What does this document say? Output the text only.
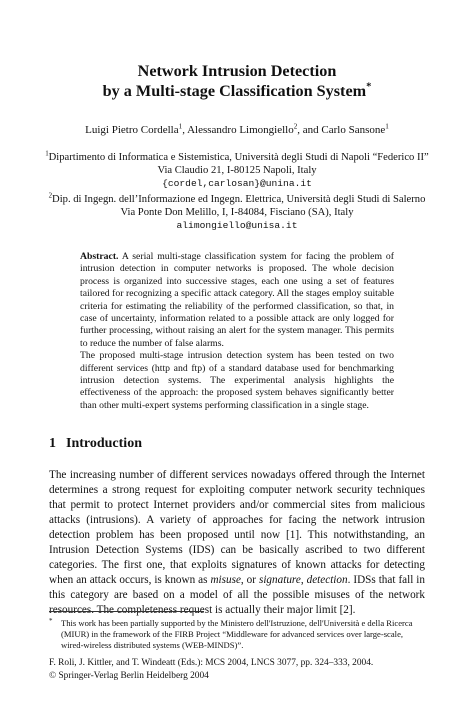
Network Intrusion Detection
by a Multi-stage Classification System*
Luigi Pietro Cordella$^1$, Alessandro Limongiello$^2$, and Carlo Sansone$^1$
$^1$Dipartimento di Informatica e Sistemistica, Università degli Studi di Napoli “Federico II”
Via Claudio 21, I-80125 Napoli, Italy
{cordel,carlosan}@unina.it
$^2$Dip. di Ingegn. dell’Informazione ed Ingegn. Elettrica, Università degli Studi di Salerno
Via Ponte Don Melillo, I, I-84084, Fisciano (SA), Italy
alimongiello@unisa.it

Abstract. A serial multi-stage classification system for facing the problem of intrusion detection in computer networks is proposed. The whole decision process is organized into successive stages, each one using a set of features tailored for recognizing a specific attack category. All the stages employ suitable criteria for estimating the reliability of the performed classification, so that, in case of uncertainty, information related to a possible attack are only logged for further processing, without raising an alert for the system manager. This permits to reduce the number of false alarms.

The proposed multi-stage intrusion detection system has been tested on two different services (http and ftp) of a standard database used for benchmarking intrusion detection systems. The experimental analysis highlights the effectiveness of the approach: the proposed system behaves significantly better than other multi-expert systems performing classification in a single stage.

1 Introduction

The increasing number of different services nowadays offered through the Internet determines a strong request for exploiting computer network security techniques that permit to protect Internet providers and/or commercial sites from malicious attacks (intrusions). A variety of approaches for facing the network intrusion detection problem has been proposed until now [1]. This notwithstanding, an Intrusion Detection Systems (IDS) can be basically ascribed to two different categories. The first one, that exploits signatures of known attacks for detecting when an attack occurs, is known as misuse, or signature, detection. IDSs that fall in this category are based on a model of all the possible misuses of the network resources. The completeness request is actually their major limit [2].

* This work has been partially supported by the Ministero dell'Istruzione, dell'Università e della Ricerca (MIUR) in the framework of the FIRB Project “Middleware for advanced services over large-scale, wired-wireless distributed systems (WEB-MINDS)”.
F. Roli, J. Kittler, and T. Windeatt (Eds.): MCS 2004, LNCS 3077, pp. 324–333, 2004.
© Springer-Verlag Berlin Heidelberg 2004
